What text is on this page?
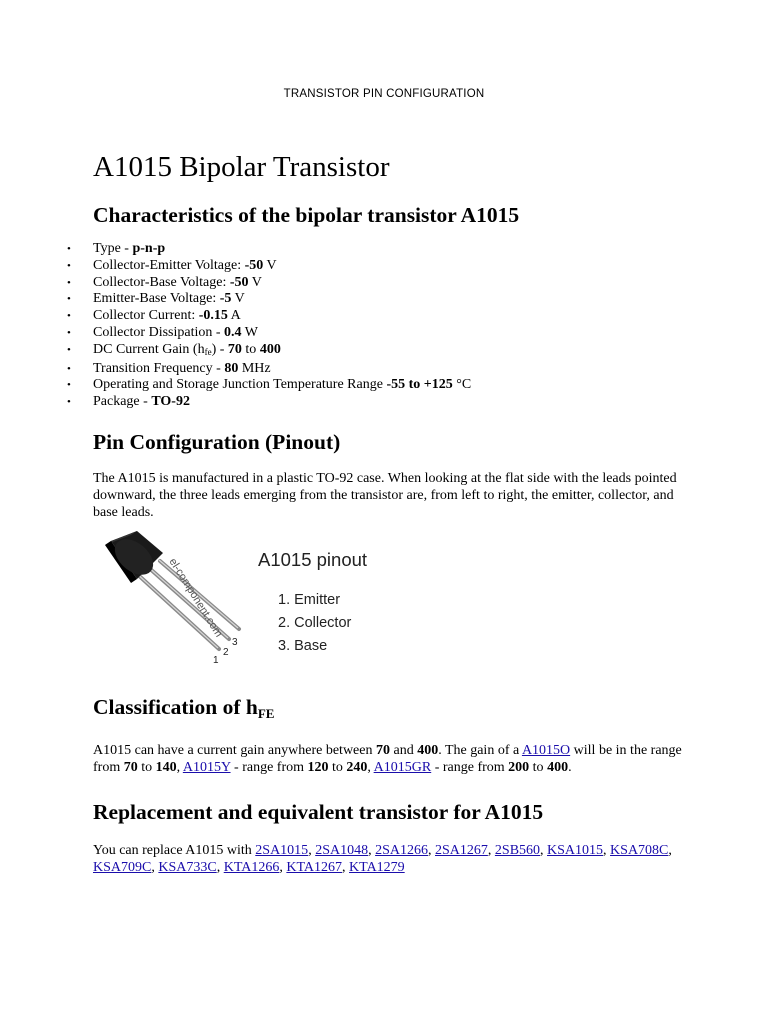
TRANSISTOR PIN CONFIGURATION
A1015 Bipolar Transistor
Characteristics of the bipolar transistor A1015
• Type - p-n-p
• Collector-Emitter Voltage: -50 V
• Collector-Base Voltage: -50 V
• Emitter-Base Voltage: -5 V
• Collector Current: -0.15 A
• Collector Dissipation - 0.4 W
• DC Current Gain $(h_{fe}) - 70$ to 400
• Transition Frequency - 80 MHz
• Operating and Storage Junction Temperature Range -55 to +125 °C
• Package - TO-92
Pin Configuration (Pinout)

The A1015 is manufactured in a plastic TO-92 case. When looking at the flat side with the leads pointed downward, the three leads emerging from the transistor are, from left to right, the emitter, collector, and base leads.

el-component.com
1
2
3
A1015 pinout
1. Emitter
2. Collector
3. Base
Classification of $h_{FE}$

A1015 can have a current gain anywhere between 70 and 400. The gain of a A1015O will be in the range from 70 to 140, A1015Y - range from 120 to 240, A1015GR - range from 200 to 400.

Replacement and equivalent transistor for A1015

You can replace A1015 with 2SA1015, 2SA1048, 2SA1266, 2SA1267, 2SB560, KSA1015, KSA708C, KSA709C, KSA733C, KTA1266, KTA1267, KTA1279
